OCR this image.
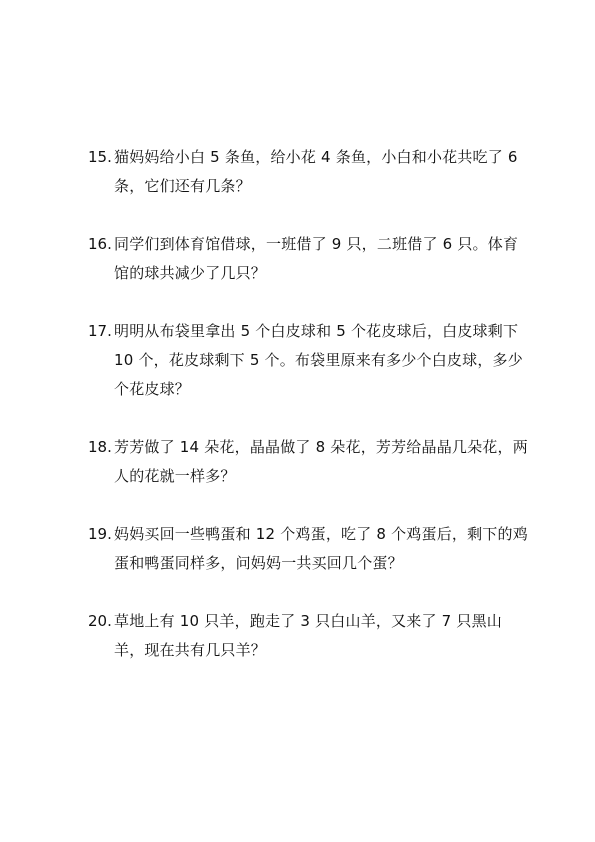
15. 猫妈妈给小白 5 条鱼，给小花 4 条鱼，小白和小花共吃了 6 条，它们还有几条？
16. 同学们到体育馆借球，一班借了 9 只，二班借了 6 只。体育馆的球共减少了几只？
17. 明明从布袋里拿出 5 个白皮球和 5 个花皮球后，白皮球剩下 10 个，花皮球剩下 5 个。布袋里原来有多少个白皮球，多少个花皮球？
18. 芳芳做了 14 朵花，晶晶做了 8 朵花，芳芳给晶晶几朵花，两人的花就一样多？
19. 妈妈买回一些鸭蛋和 12 个鸡蛋，吃了 8 个鸡蛋后，剩下的鸡蛋和鸭蛋同样多，问妈妈一共买回几个蛋？
20. 草地上有 10 只羊，跑走了 3 只白山羊，又来了 7 只黑山羊，现在共有几只羊？
